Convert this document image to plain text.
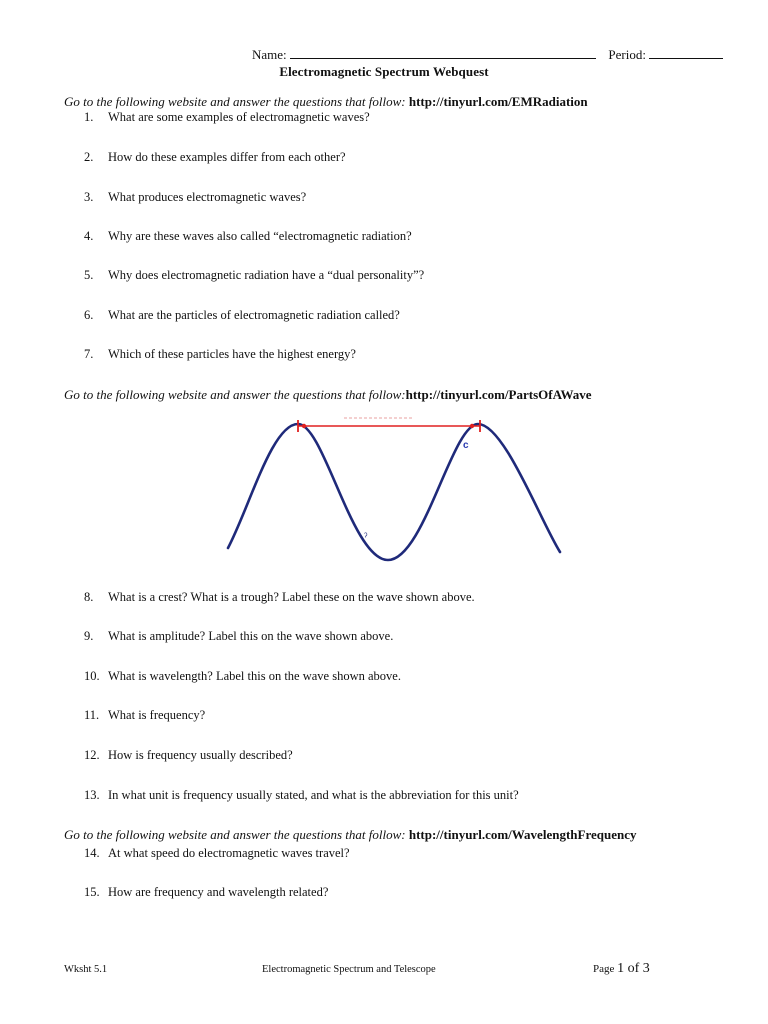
Name:	Period:
Electromagnetic Spectrum Webquest
Go to the following website and answer the questions that follow: http://tinyurl.com/EMRadiation
1. What are some examples of electromagnetic waves?
2. How do these examples differ from each other?
3. What produces electromagnetic waves?
4. Why are these waves also called “electromagnetic radiation?
5. Why does electromagnetic radiation have a “dual personality”?
6. What are the particles of electromagnetic radiation called?
7. Which of these particles have the highest energy?
Go to the following website and answer the questions that follow:http://tinyurl.com/PartsOfAWave
c
ˀ
8. What is a crest? What is a trough? Label these on the wave shown above.
9. What is amplitude? Label this on the wave shown above.
10. What is wavelength? Label this on the wave shown above.
11. What is frequency?
12. How is frequency usually described?
13. In what unit is frequency usually stated, and what is the abbreviation for this unit?
Go to the following website and answer the questions that follow: http://tinyurl.com/WavelengthFrequency
14. At what speed do electromagnetic waves travel?
15. How are frequency and wavelength related?
Wksht 5.1	Electromagnetic Spectrum and Telescope	Page 1 of 3
